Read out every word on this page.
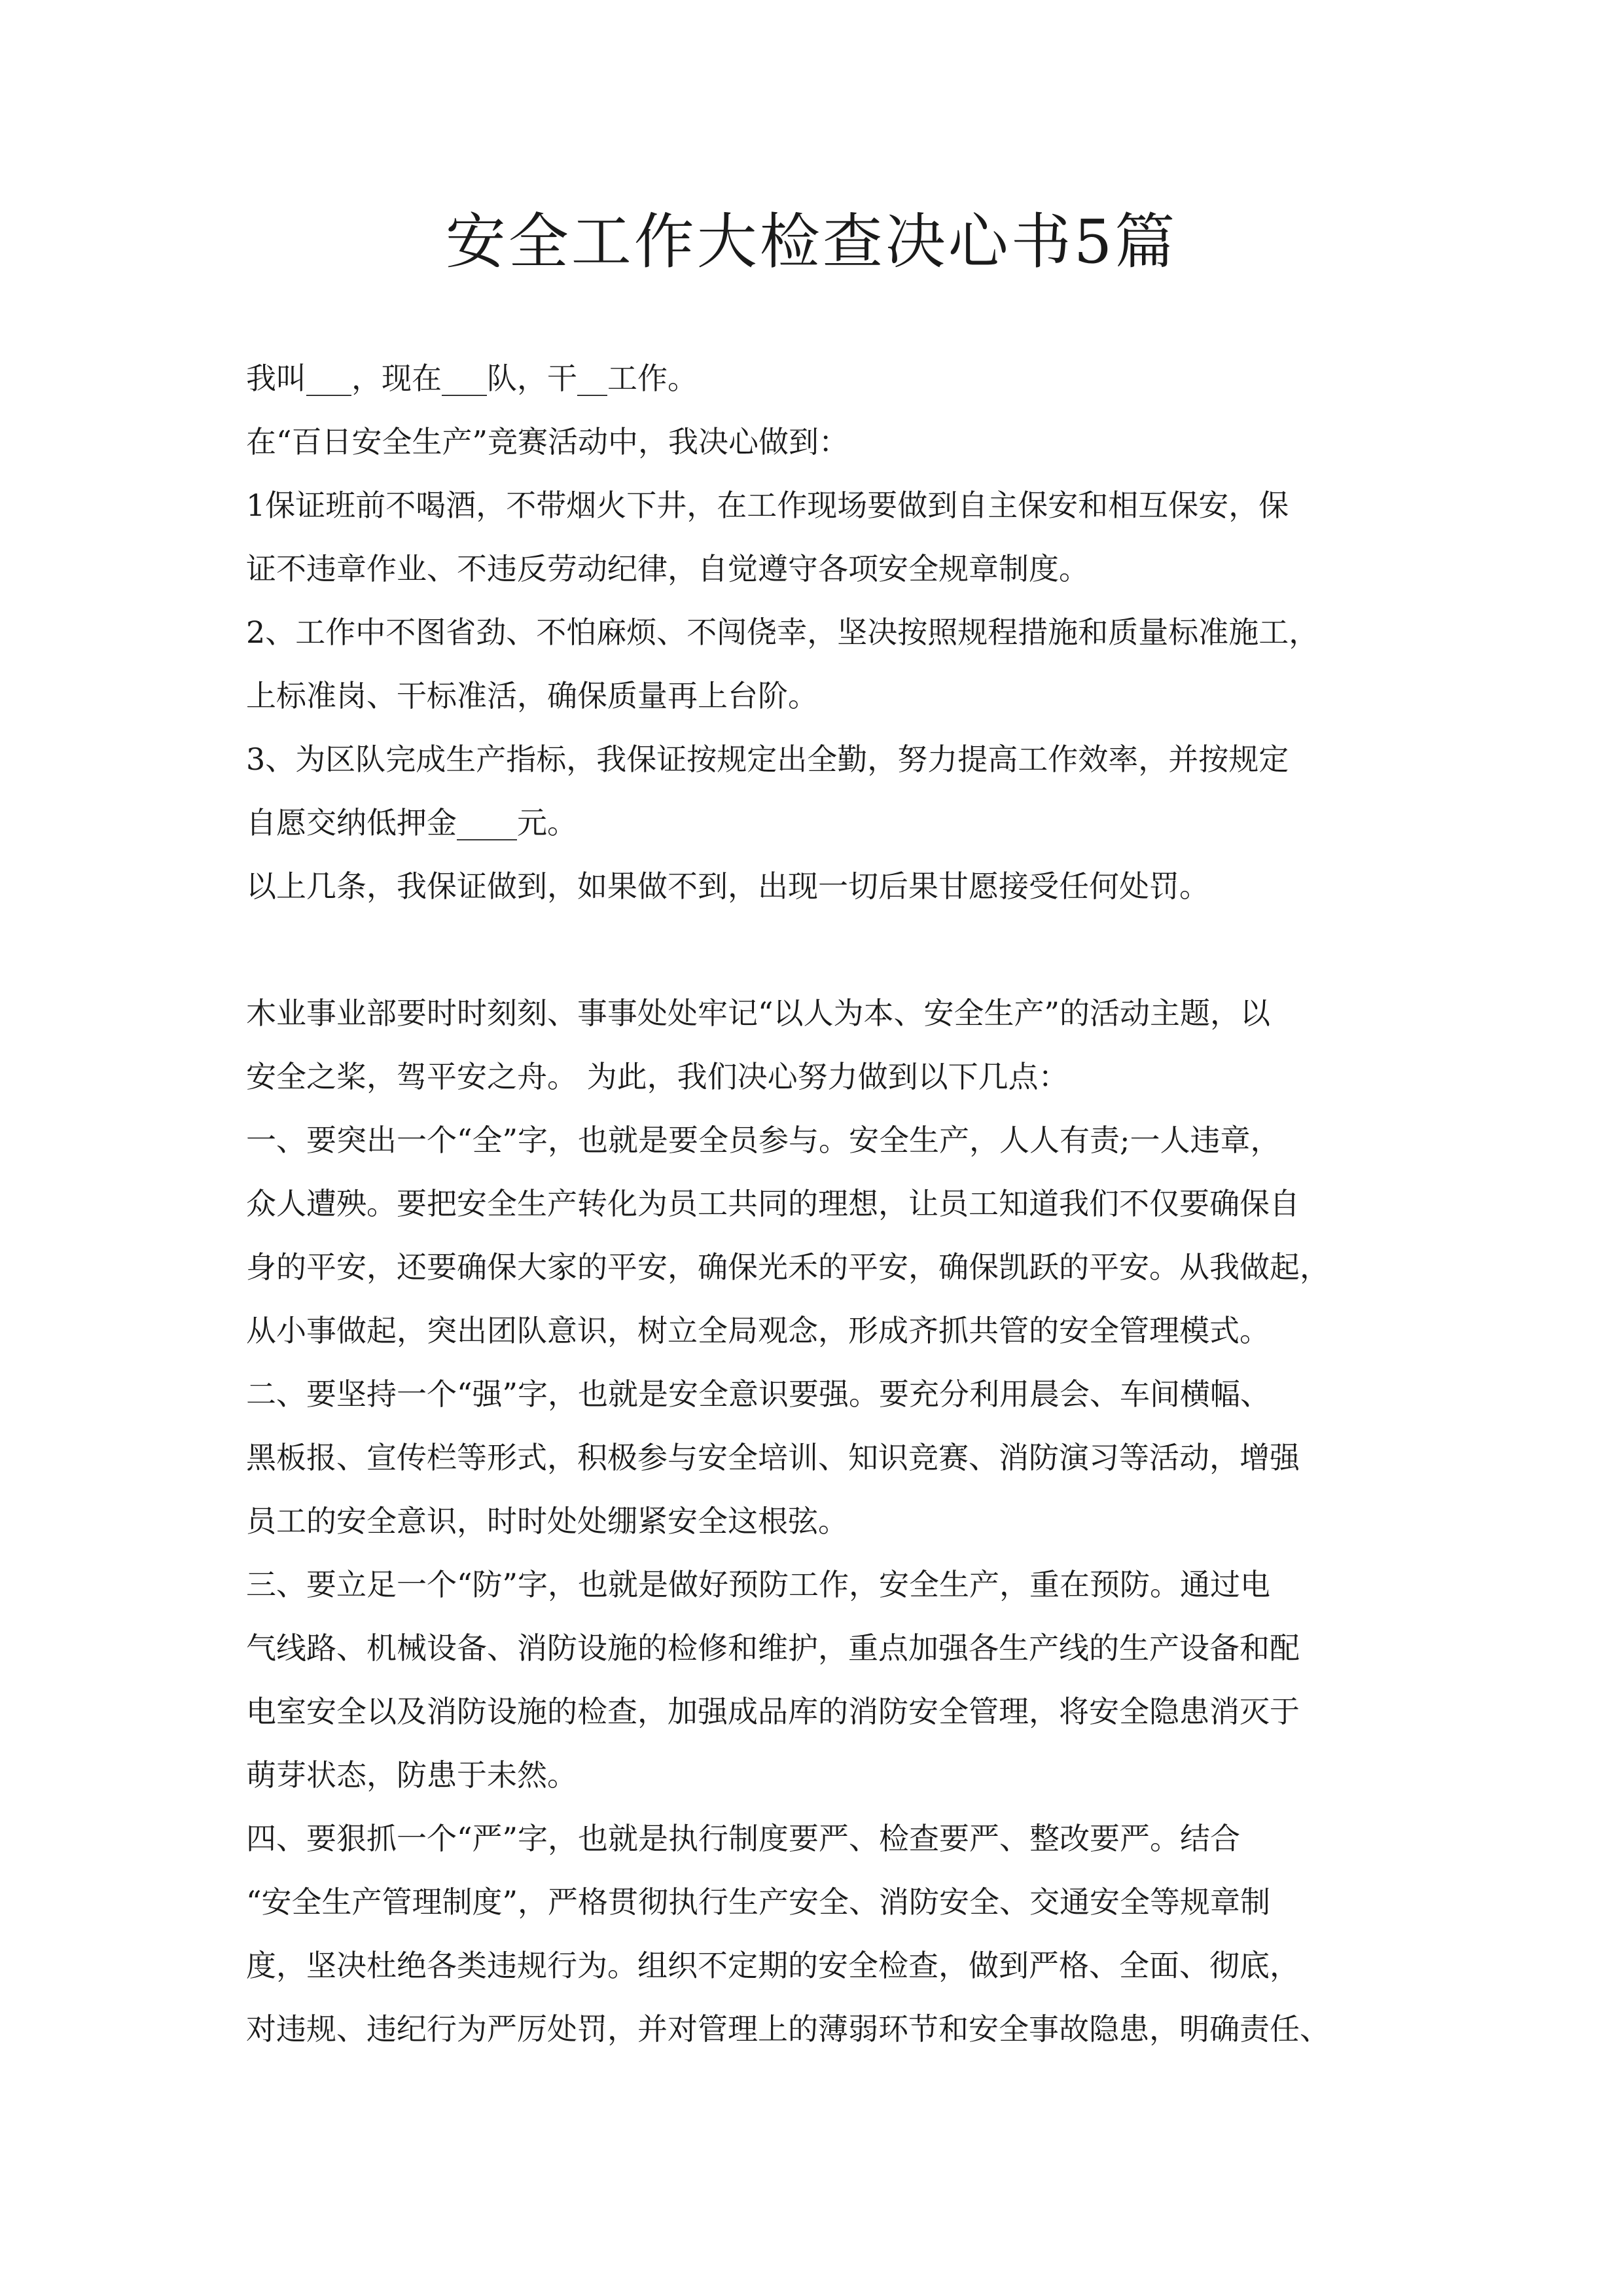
安全工作大检查决心书5篇
我叫___，现在___队，干__工作。
在“百日安全生产”竞赛活动中，我决心做到：
1保证班前不喝酒，不带烟火下井，在工作现场要做到自主保安和相互保安，保
证不违章作业、不违反劳动纪律，自觉遵守各项安全规章制度。
2、工作中不图省劲、不怕麻烦、不闯侥幸，坚决按照规程措施和质量标准施工，
上标准岗、干标准活，确保质量再上台阶。
3、为区队完成生产指标，我保证按规定出全勤，努力提高工作效率，并按规定
自愿交纳低押金____元。
以上几条，我保证做到，如果做不到，出现一切后果甘愿接受任何处罚。
木业事业部要时时刻刻、事事处处牢记“以人为本、安全生产”的活动主题，以
安全之桨，驾平安之舟。 为此，我们决心努力做到以下几点：
一、要突出一个“全”字，也就是要全员参与。安全生产，人人有责;一人违章，
众人遭殃。要把安全生产转化为员工共同的理想，让员工知道我们不仅要确保自
身的平安，还要确保大家的平安，确保光禾的平安，确保凯跃的平安。从我做起，
从小事做起，突出团队意识，树立全局观念，形成齐抓共管的安全管理模式。
二、要坚持一个“强”字，也就是安全意识要强。要充分利用晨会、车间横幅、
黑板报、宣传栏等形式，积极参与安全培训、知识竞赛、消防演习等活动，增强
员工的安全意识，时时处处绷紧安全这根弦。
三、要立足一个“防”字，也就是做好预防工作，安全生产，重在预防。通过电
气线路、机械设备、消防设施的检修和维护，重点加强各生产线的生产设备和配
电室安全以及消防设施的检查，加强成品库的消防安全管理，将安全隐患消灭于
萌芽状态，防患于未然。
四、要狠抓一个“严”字，也就是执行制度要严、检查要严、整改要严。结合
“安全生产管理制度”，严格贯彻执行生产安全、消防安全、交通安全等规章制
度，坚决杜绝各类违规行为。组织不定期的安全检查，做到严格、全面、彻底，
对违规、违纪行为严厉处罚，并对管理上的薄弱环节和安全事故隐患，明确责任、
